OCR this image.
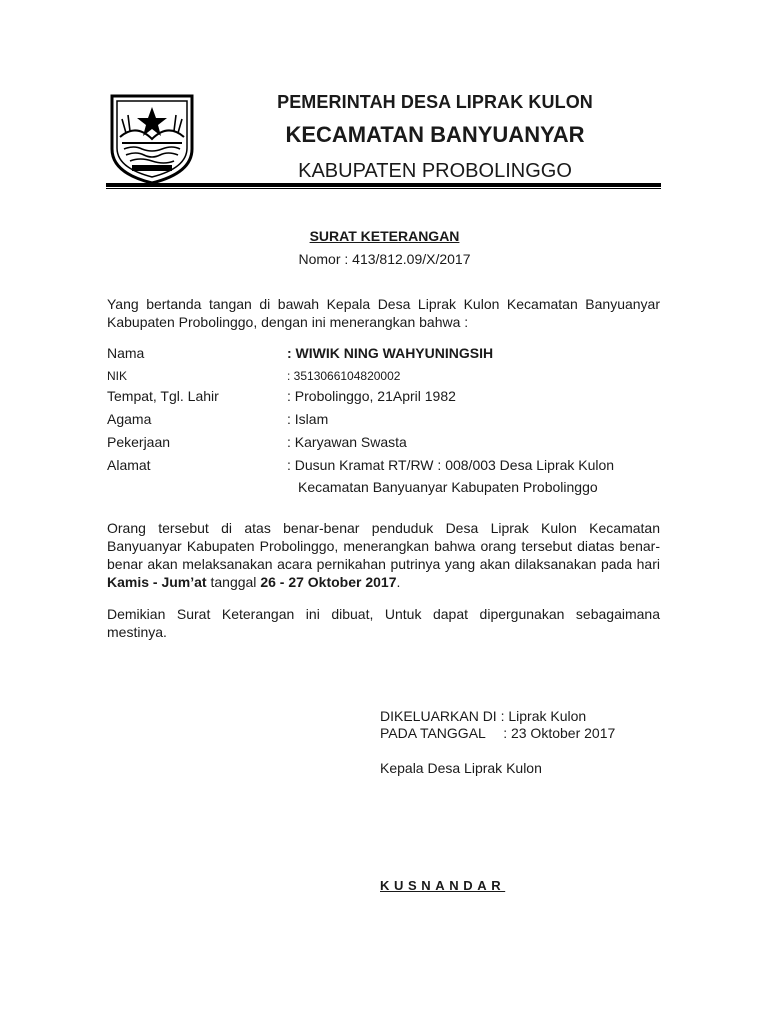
PEMERINTAH DESA LIPRAK KULON
KECAMATAN BANYUANYAR
KABUPATEN PROBOLINGGO
SURAT KETERANGAN
Nomor : 413/812.09/X/2017
Yang bertanda tangan di bawah Kepala Desa Liprak Kulon Kecamatan Banyuanyar Kabupaten Probolinggo, dengan ini menerangkan bahwa :
Nama	: WIWIK NING WAHYUNINGSIH
NIK	: 3513066104820002
Tempat, Tgl. Lahir	: Probolinggo, 21April 1982
Agama	: Islam
Pekerjaan	: Karyawan Swasta
Alamat	: Dusun Kramat RT/RW : 008/003 Desa Liprak Kulon
Kecamatan Banyuanyar Kabupaten Probolinggo
Orang tersebut di atas benar-benar penduduk Desa Liprak Kulon Kecamatan Banyuanyar Kabupaten Probolinggo, menerangkan bahwa orang tersebut diatas benar-benar akan melaksanakan acara pernikahan putrinya yang akan dilaksanakan pada hari Kamis - Jum’at tanggal 26 - 27 Oktober 2017.
Demikian Surat Keterangan ini dibuat, Untuk dapat dipergunakan sebagaimana mestinya.
DIKELUARKAN DI : Liprak Kulon
PADA TANGGAL : 23 Oktober 2017
Kepala Desa Liprak Kulon
KUSNANDAR
